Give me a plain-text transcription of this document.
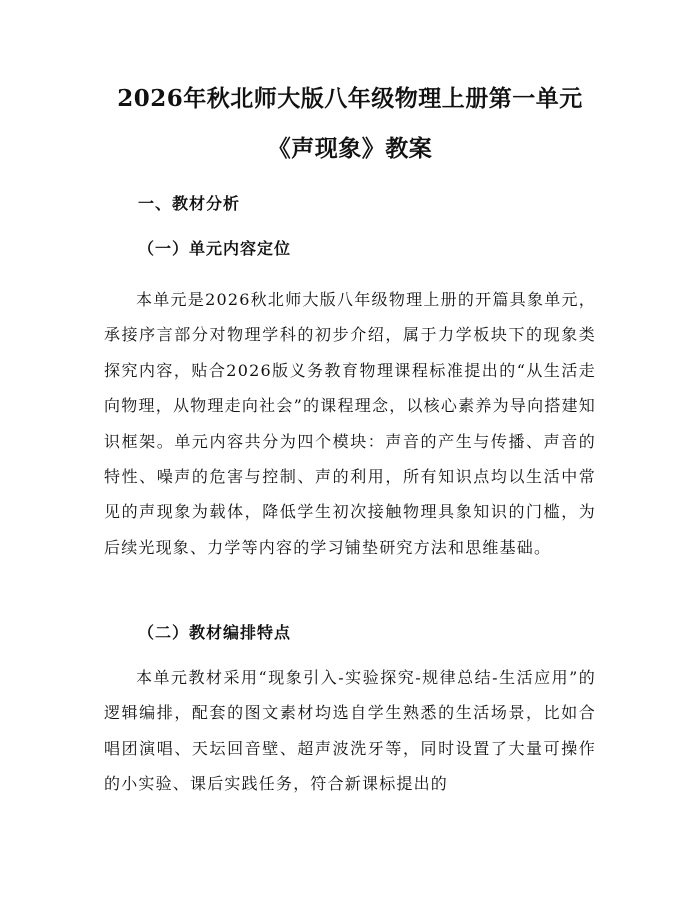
2026年秋北师大版八年级物理上册第一单元
《声现象》教案
一、教材分析
（一）单元内容定位

本单元是2026秋北师大版八年级物理上册的开篇具象单元，承接序言部分对物理学科的初步介绍，属于力学板块下的现象类探究内容，贴合2026版义务教育物理课程标准提出的“从生活走向物理，从物理走向社会”的课程理念，以核心素养为导向搭建知识框架。单元内容共分为四个模块：声音的产生与传播、声音的特性、噪声的危害与控制、声的利用，所有知识点均以生活中常见的声现象为载体，降低学生初次接触物理具象知识的门槛，为后续光现象、力学等内容的学习铺垫研究方法和思维基础。

（二）教材编排特点

本单元教材采用“现象引入-实验探究-规律总结-生活应用”的逻辑编排，配套的图文素材均选自学生熟悉的生活场景，比如合唱团演唱、天坛回音壁、超声波洗牙等，同时设置了大量可操作的小实验、课后实践任务，符合新课标提出的
